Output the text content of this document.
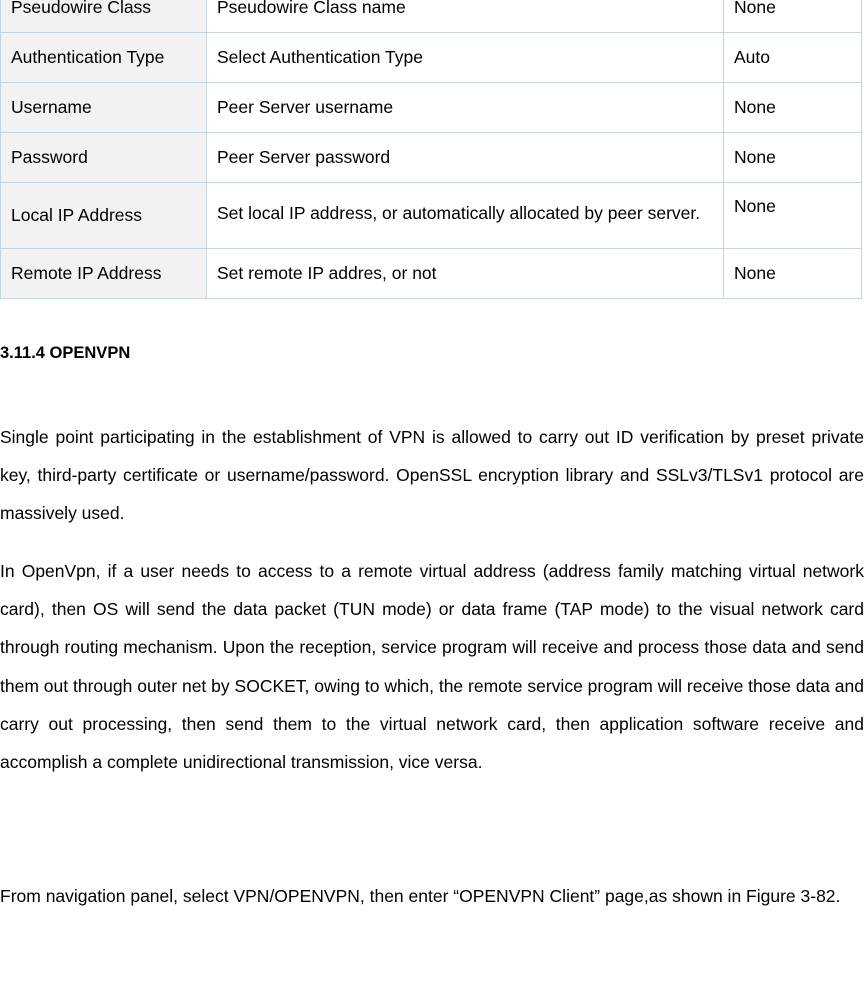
Pseudowire Class	Pseudowire Class name	None
Authentication Type	Select Authentication Type	Auto
Username	Peer Server username	None
Password	Peer Server password	None
Local IP Address	Set local IP address, or automatically allocated by peer server.	None
Remote IP Address	Set remote IP addres, or not	None
3.11.4 OPENVPN

Single point participating in the establishment of VPN is allowed to carry out ID verification by preset private key, third-party certificate or username/password. OpenSSL encryption library and SSLv3/TLSv1 protocol are massively used.

In OpenVpn, if a user needs to access to a remote virtual address (address family matching virtual network card), then OS will send the data packet (TUN mode) or data frame (TAP mode) to the visual network card through routing mechanism. Upon the reception, service program will receive and process those data and send them out through outer net by SOCKET, owing to which, the remote service program will receive those data and carry out processing, then send them to the virtual network card, then application software receive and accomplish a complete unidirectional transmission, vice versa.

From navigation panel, select VPN/OPENVPN, then enter “OPENVPN Client” page,as shown in Figure 3-82.
